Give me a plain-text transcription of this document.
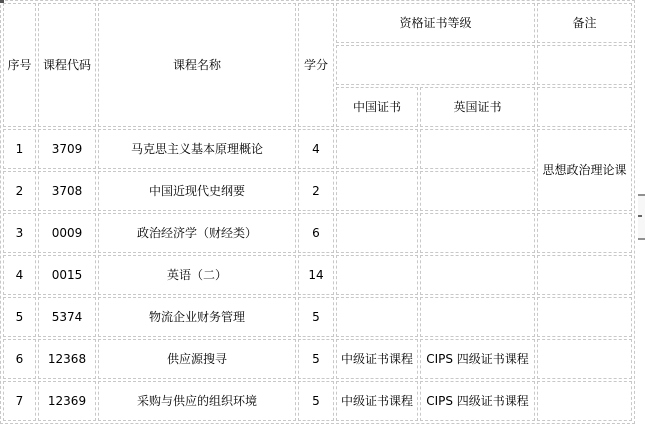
序号	课程代码	课程名称	学分	资格证书等级		备注

				中国证书	英国证书	
1	3709	马克思主义基本原理概论	4			思想政治理论课
2	3708	中国近现代史纲要	2			
3	0009	政治经济学（财经类）	6			
4	0015	英语（二）	14			
5	5374	物流企业财务管理	5			
6	12368	供应源搜寻	5	中级证书课程	CIPS 四级证书课程	
7	12369	采购与供应的组织环境	5	中级证书课程	CIPS 四级证书课程	
